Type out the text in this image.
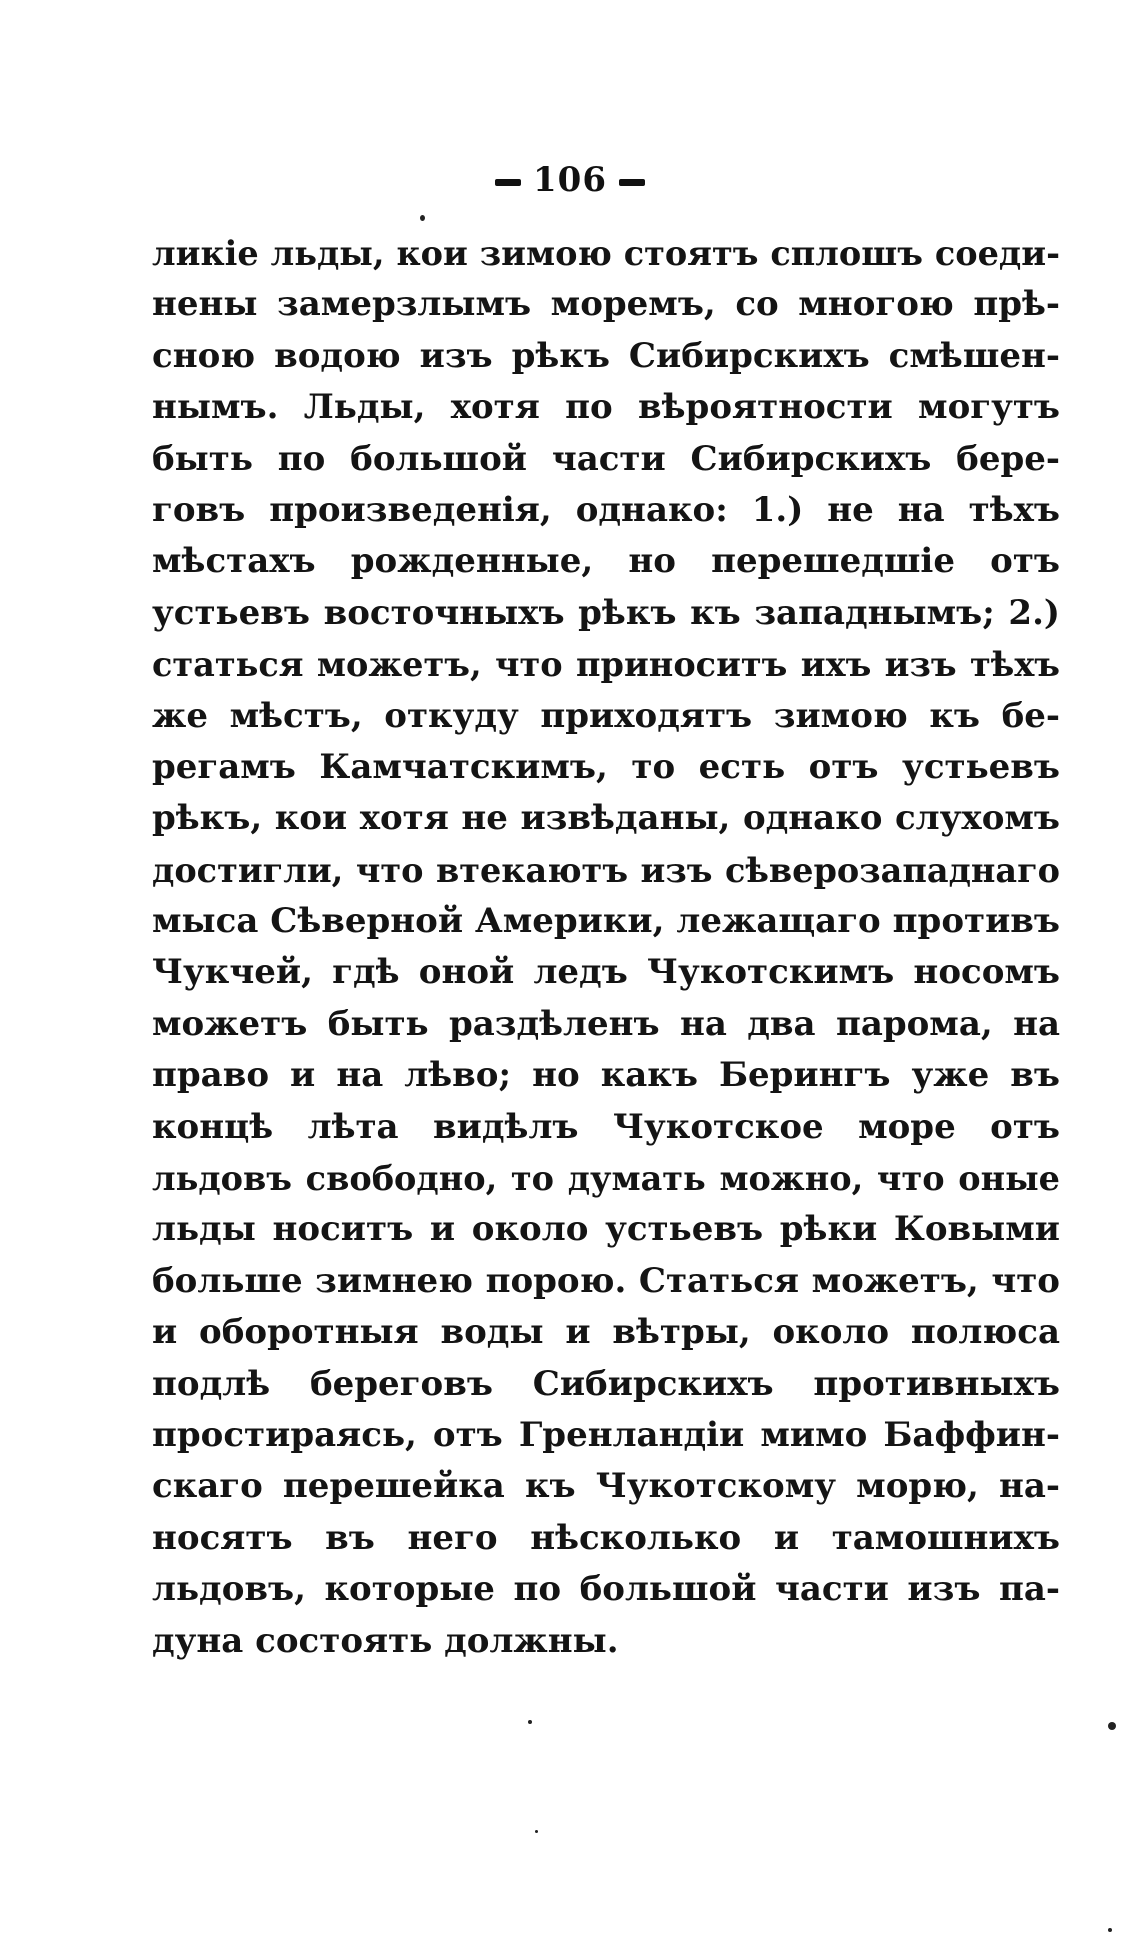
106
ликіе льды, кои зимою стоятъ сплошъ соеди-
нены замерзлымъ моремъ, со многою прѣ-
сною водою изъ рѣкъ Сибирскихъ смѣшен-
нымъ. Льды, хотя по вѣроятности могутъ
быть по большой части Сибирскихъ бере-
говъ произведенія, однако: 1.) не на тѣхъ
мѣстахъ рожденные, но перешедшіе отъ
устьевъ восточныхъ рѣкъ къ западнымъ; 2.)
статься можетъ, что приноситъ ихъ изъ тѣхъ
же мѣстъ, откуду приходятъ зимою къ бе-
регамъ Камчатскимъ, то есть отъ устьевъ
рѣкъ, кои хотя не извѣданы, однако слухомъ
достигли, что втекаютъ изъ сѣверозападнаго
мыса Сѣверной Америки, лежащаго противъ
Чукчей, гдѣ оной ледъ Чукотскимъ носомъ
можетъ быть раздѣленъ на два парома, на
право и на лѣво; но какъ Берингъ уже въ
концѣ лѣта видѣлъ Чукотское море отъ
льдовъ свободно, то думать можно, что оные
льды носитъ и около устьевъ рѣки Ковыми
больше зимнею порою. Статься можетъ, что
и оборотныя воды и вѣтры, около полюса
подлѣ береговъ Сибирскихъ противныхъ
простираясь, отъ Гренландіи мимо Баффин-
скаго перешейка къ Чукотскому морю, на-
носятъ въ него нѣсколько и тамошнихъ
льдовъ, которые по большой части изъ па-
дуна состоять должны.
